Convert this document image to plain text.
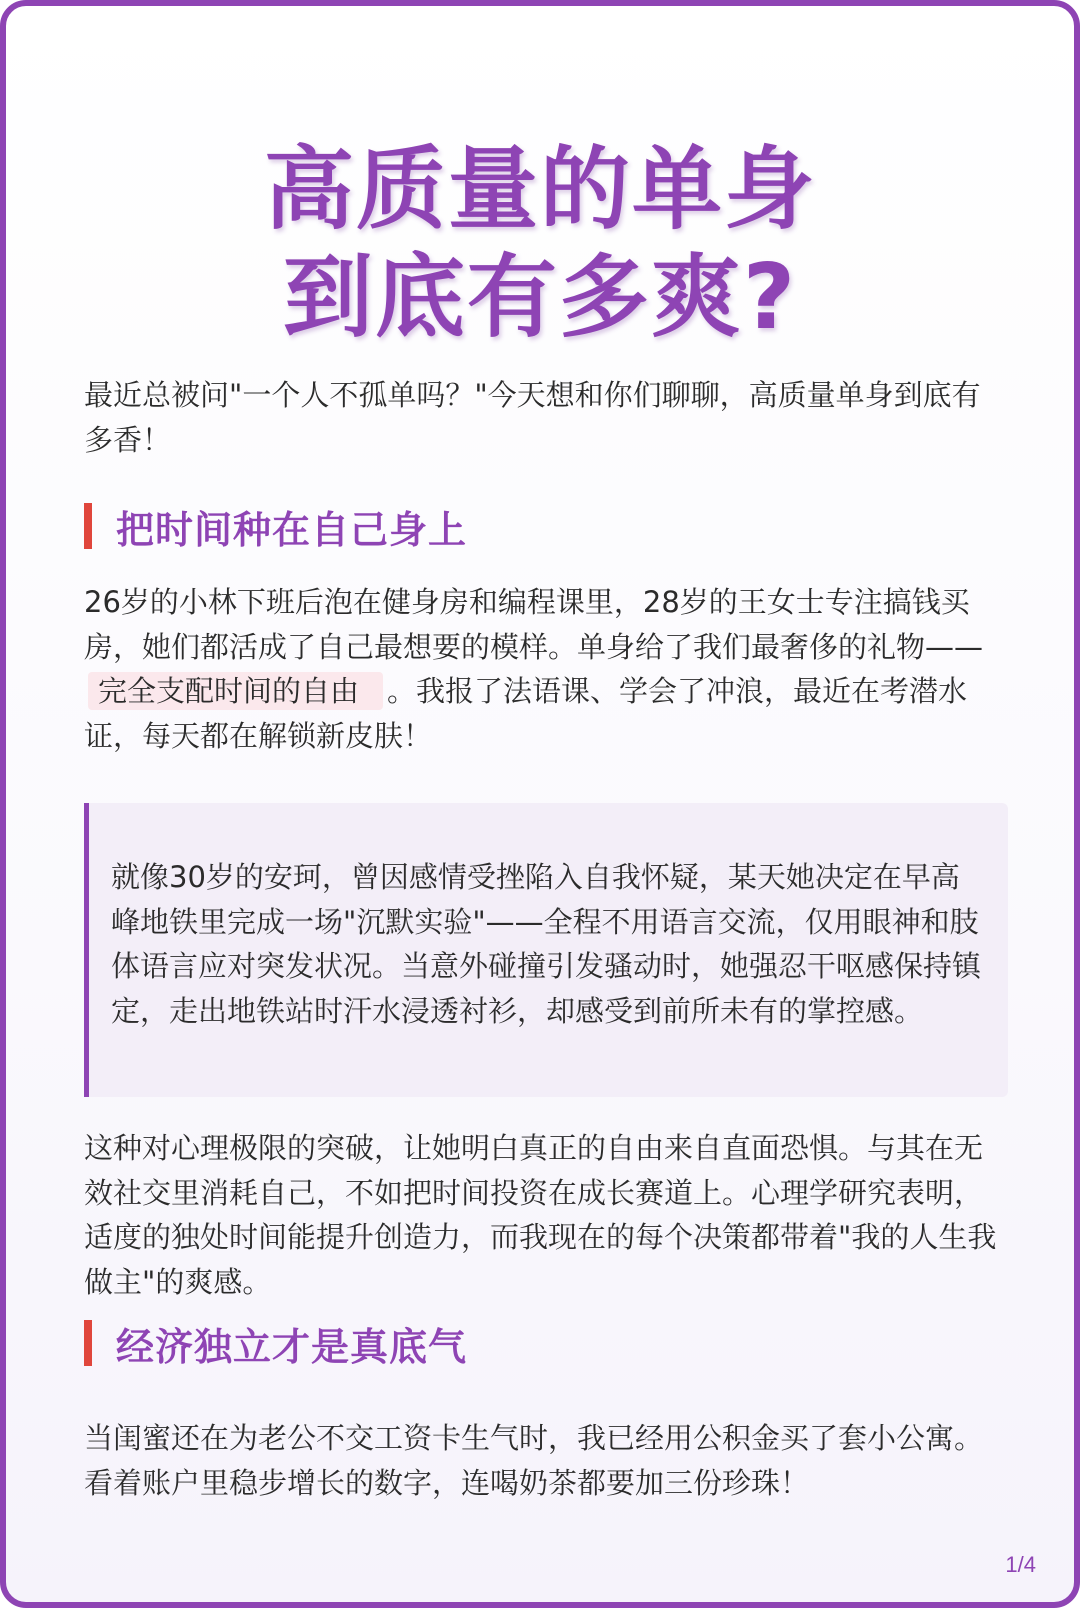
高质量的单身
到底有多爽?

最近总被问"一个人不孤单吗？"今天想和你们聊聊，高质量单身到底有多香！

把时间种在自己身上

26岁的小林下班后泡在健身房和编程课里，28岁的王女士专注搞钱买房，她们都活成了自己最想要的模样。单身给了我们最奢侈的礼物——完全支配时间的自由 。我报了法语课、学会了冲浪，最近在考潜水证，每天都在解锁新皮肤！

就像30岁的安珂，曾因感情受挫陷入自我怀疑，某天她决定在早高峰地铁里完成一场"沉默实验"——全程不用语言交流，仅用眼神和肢体语言应对突发状况。当意外碰撞引发骚动时，她强忍干呕感保持镇定，走出地铁站时汗水浸透衬衫，却感受到前所未有的掌控感。

这种对心理极限的突破，让她明白真正的自由来自直面恐惧。与其在无效社交里消耗自己，不如把时间投资在成长赛道上。心理学研究表明，适度的独处时间能提升创造力，而我现在的每个决策都带着"我的人生我做主"的爽感。

经济独立才是真底气

当闺蜜还在为老公不交工资卡生气时，我已经用公积金买了套小公寓。看着账户里稳步增长的数字，连喝奶茶都要加三份珍珠！

1/4
